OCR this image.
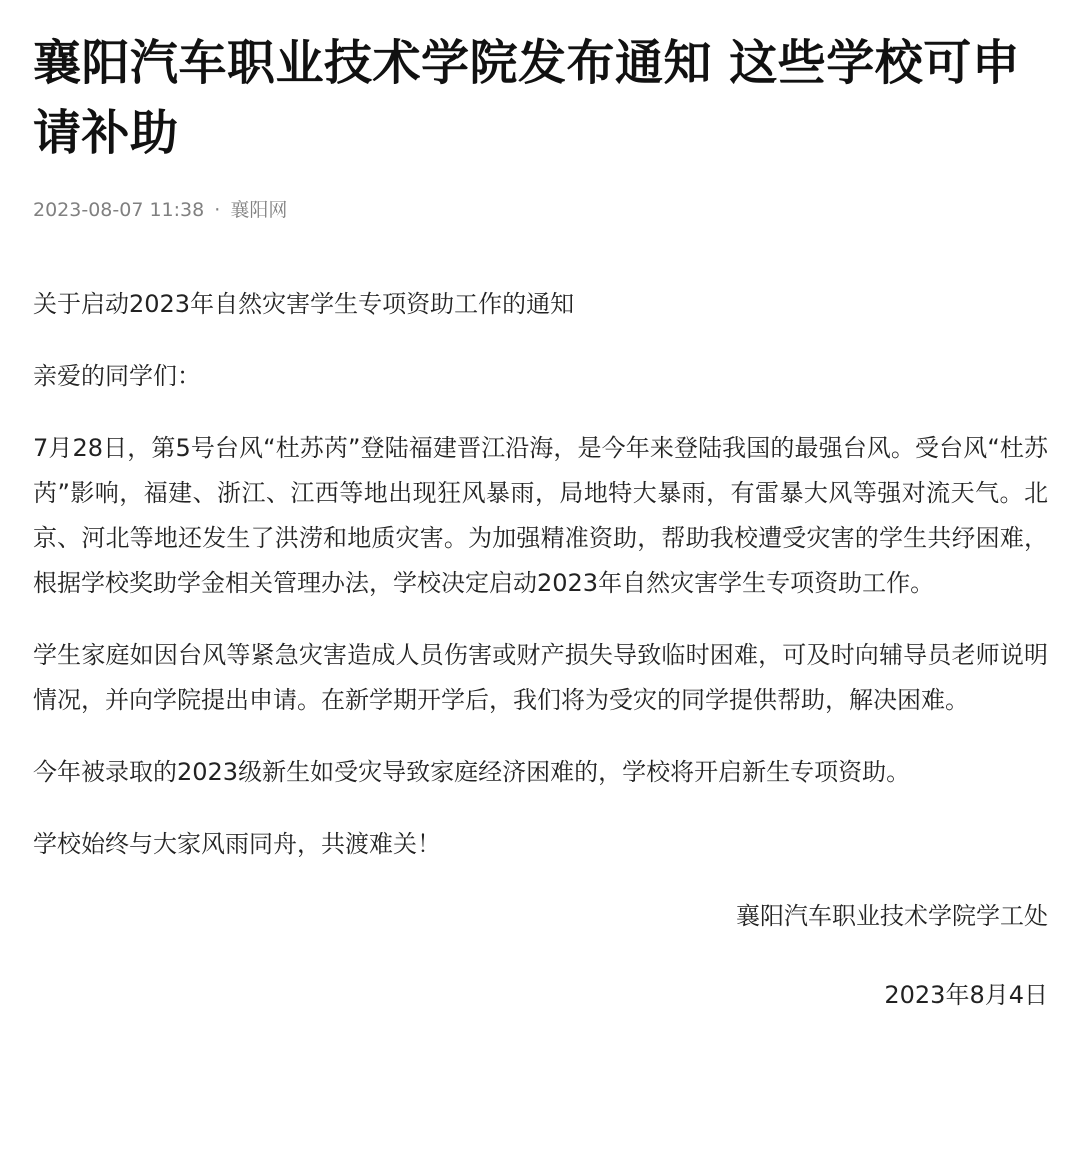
襄阳汽车职业技术学院发布通知 这些学校可申请补助
2023-08-07 11:38 · 襄阳网

关于启动2023年自然灾害学生专项资助工作的通知

亲爱的同学们：

7月28日，第5号台风“杜苏芮”登陆福建晋江沿海，是今年来登陆我国的最强台风。受台风“杜苏芮”影响，福建、浙江、江西等地出现狂风暴雨，局地特大暴雨，有雷暴大风等强对流天气。北京、河北等地还发生了洪涝和地质灾害。为加强精准资助，帮助我校遭受灾害的学生共纾困难，根据学校奖助学金相关管理办法，学校决定启动2023年自然灾害学生专项资助工作。

学生家庭如因台风等紧急灾害造成人员伤害或财产损失导致临时困难，可及时向辅导员老师说明情况，并向学院提出申请。在新学期开学后，我们将为受灾的同学提供帮助，解决困难。

今年被录取的2023级新生如受灾导致家庭经济困难的，学校将开启新生专项资助。

学校始终与大家风雨同舟，共渡难关！

襄阳汽车职业技术学院学工处

2023年8月4日
